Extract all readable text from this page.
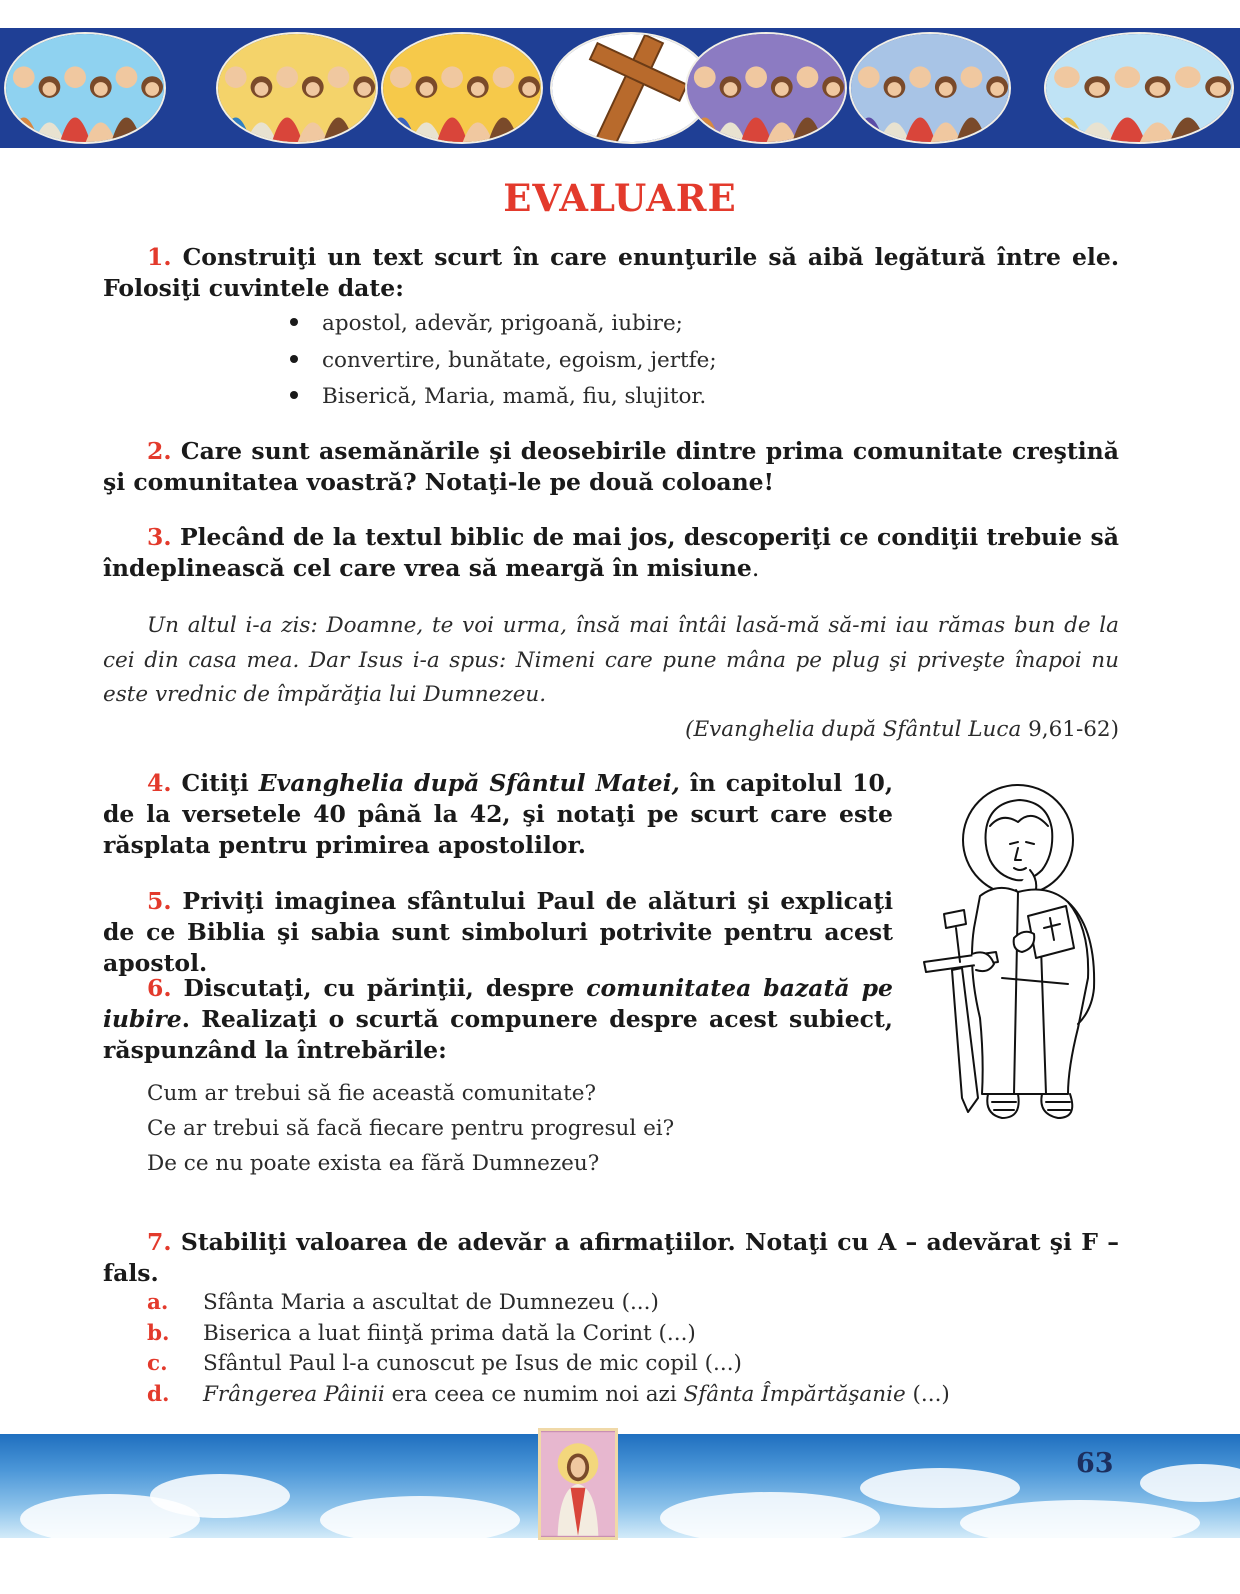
EVALUARE

1. Construiţi un text scurt în care enunţurile să aibă legătură între ele. Folosiţi cuvintele date:

apostol, adevăr, prigoană, iubire;
convertire, bunătate, egoism, jertfe;
Biserică, Maria, mamă, fiu, slujitor.

2. Care sunt asemănările şi deosebirile dintre prima comunitate creştină şi comunitatea voastră? Notaţi-le pe două coloane!

3. Plecând de la textul biblic de mai jos, descoperiţi ce condiţii trebuie să îndeplinească cel care vrea să meargă în misiune.

Un altul i-a zis: Doamne, te voi urma, însă mai întâi lasă-mă să-mi iau rămas bun de la cei din casa mea. Dar Isus i-a spus: Nimeni care pune mâna pe plug şi priveşte înapoi nu este vrednic de împărăţia lui Dumnezeu.

(Evanghelia după Sfântul Luca 9,61-62)

4. Citiţi Evanghelia după Sfântul Matei, în capitolul 10, de la versetele 40 până la 42, şi notaţi pe scurt care este răsplata pentru primirea apostolilor.

5. Priviţi imaginea sfântului Paul de alături şi explicaţi de ce Biblia şi sabia sunt simboluri potrivite pentru acest apostol.

6. Discutaţi, cu părinţii, despre comunitatea bazată pe iubire. Realizaţi o scurtă compunere despre acest subiect, răspunzând la întrebările:

Cum ar trebui să fie această comunitate?
Ce ar trebui să facă fiecare pentru progresul ei?
De ce nu poate exista ea fără Dumnezeu?

7. Stabiliţi valoarea de adevăr a afirmaţiilor. Notaţi cu A – adevărat şi F – fals.

a. Sfânta Maria a ascultat de Dumnezeu (...)
b. Biserica a luat fiinţă prima dată la Corint (...)
c. Sfântul Paul l-a cunoscut pe Isus de mic copil (...)
d. Frângerea Pâinii era ceea ce numim noi azi Sfânta Împărtăşanie (...)

63
